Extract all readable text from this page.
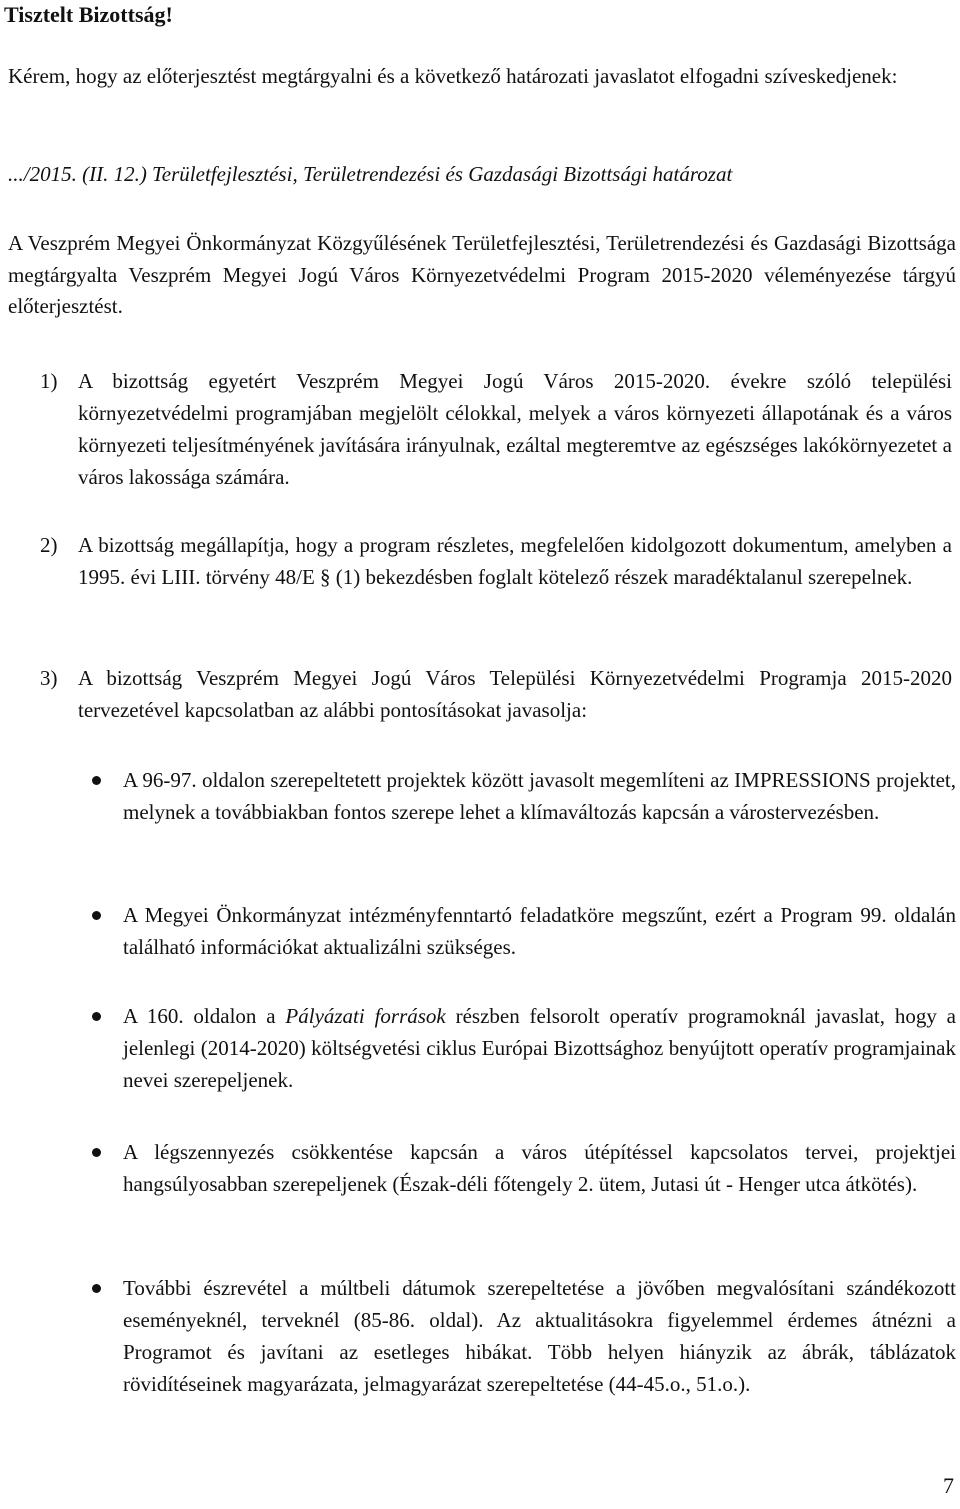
Tisztelt Bizottság!

Kérem, hogy az előterjesztést megtárgyalni és a következő határozati javaslatot elfogadni szíveskedjenek:

.../2015. (II. 12.) Területfejlesztési, Területrendezési és Gazdasági Bizottsági határozat

A Veszprém Megyei Önkormányzat Közgyűlésének Területfejlesztési, Területrendezési és Gazdasági Bizottsága megtárgyalta Veszprém Megyei Jogú Város Környezetvédelmi Program 2015-2020 véleményezése tárgyú előterjesztést.

1) A bizottság egyetért Veszprém Megyei Jogú Város 2015-2020. évekre szóló települési környezetvédelmi programjában megjelölt célokkal, melyek a város környezeti állapotának és a város környezeti teljesítményének javítására irányulnak, ezáltal megteremtve az egészséges lakókörnyezetet a város lakossága számára.
2) A bizottság megállapítja, hogy a program részletes, megfelelően kidolgozott dokumentum, amelyben a 1995. évi LIII. törvény 48/E § (1) bekezdésben foglalt kötelező részek maradéktalanul szerepelnek.
3) A bizottság Veszprém Megyei Jogú Város Települési Környezetvédelmi Programja 2015-2020 tervezetével kapcsolatban az alábbi pontosításokat javasolja:
A 96-97. oldalon szerepeltetett projektek között javasolt megemlíteni az IMPRESSIONS projektet, melynek a továbbiakban fontos szerepe lehet a klímaváltozás kapcsán a várostervezésben.
A Megyei Önkormányzat intézményfenntartó feladatköre megszűnt, ezért a Program 99. oldalán található információkat aktualizálni szükséges.
A 160. oldalon a Pályázati források részben felsorolt operatív programoknál javaslat, hogy a jelenlegi (2014-2020) költségvetési ciklus Európai Bizottsághoz benyújtott operatív programjainak nevei szerepeljenek.
A légszennyezés csökkentése kapcsán a város útépítéssel kapcsolatos tervei, projektjei hangsúlyosabban szerepeljenek (Észak-déli főtengely 2. ütem, Jutasi út - Henger utca átkötés).
További észrevétel a múltbeli dátumok szerepeltetése a jövőben megvalósítani szándékozott eseményeknél, terveknél (85-86. oldal). Az aktualitásokra figyelemmel érdemes átnézni a Programot és javítani az esetleges hibákat. Több helyen hiányzik az ábrák, táblázatok rövidítéseinek magyarázata, jelmagyarázat szerepeltetése (44-45.o., 51.o.).

7
